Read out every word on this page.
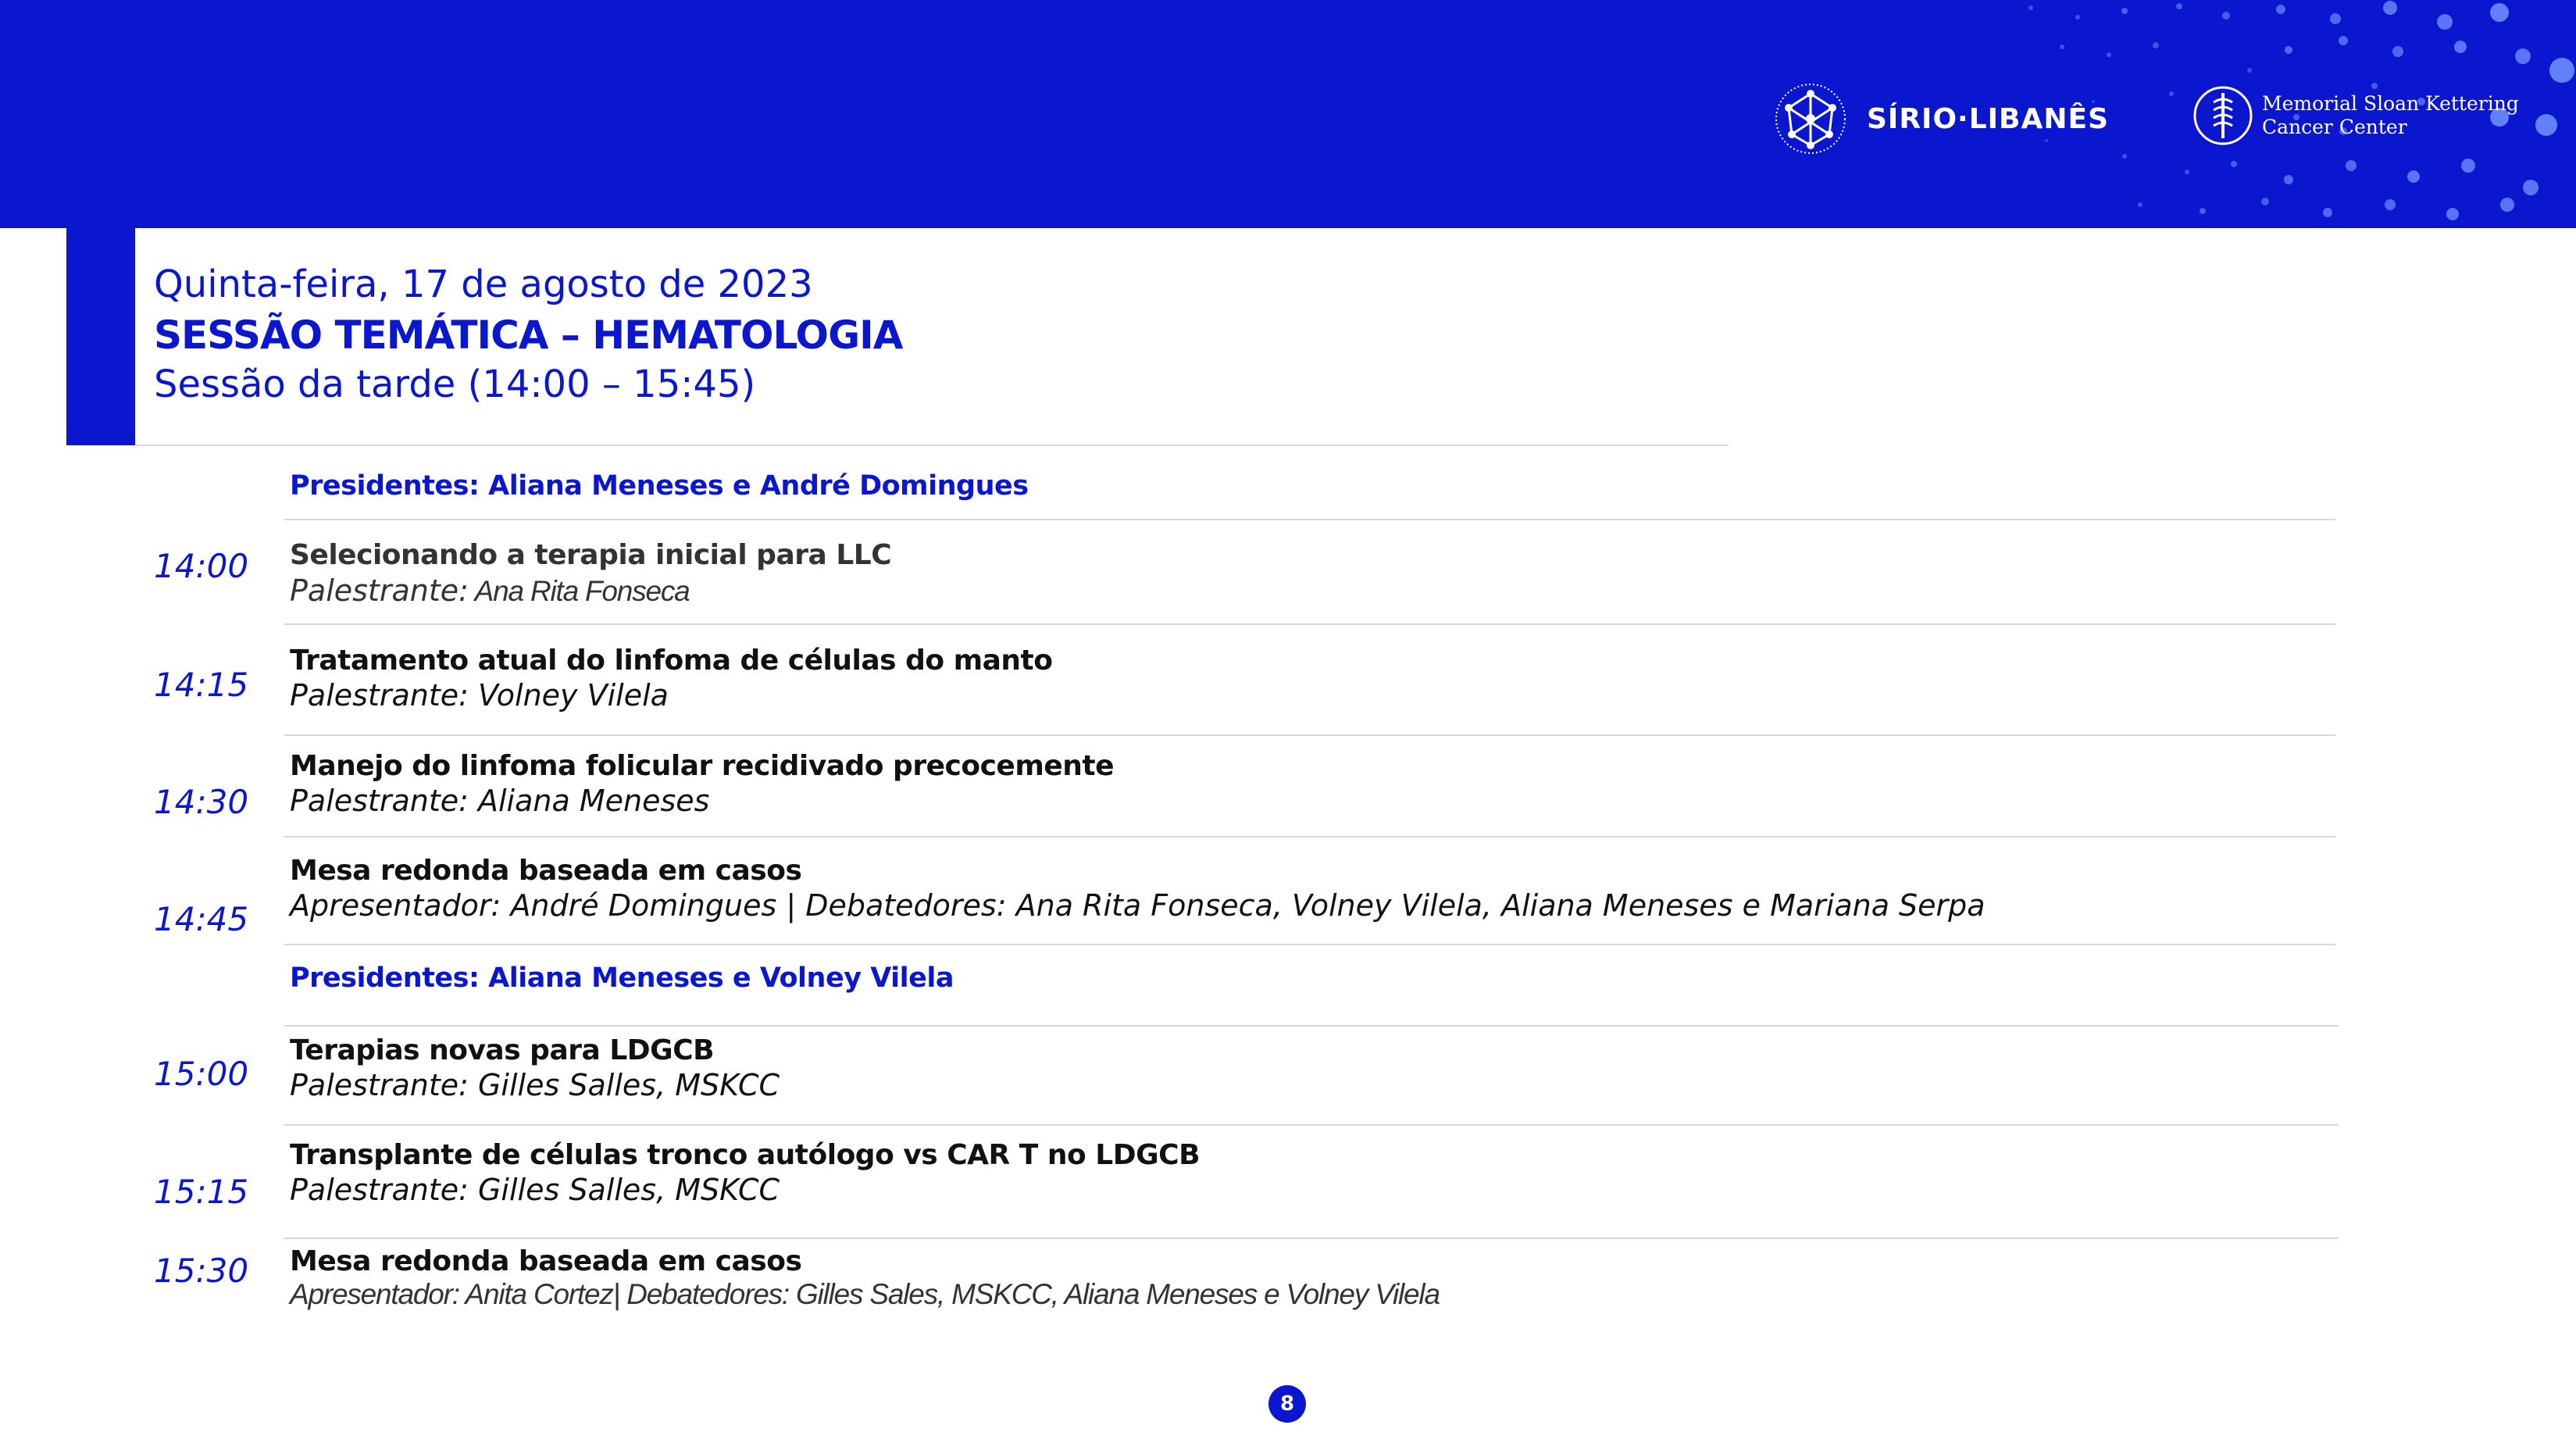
SÍRIO·LIBANÊS	Memorial Sloan Kettering
Cancer Center
Quinta-feira, 17 de agosto de 2023
SESSÃO TEMÁTICA – HEMATOLOGIA
Sessão da tarde (14:00 – 15:45)
Presidentes: Aliana Meneses e André Domingues
14:00 Selecionando a terapia inicial para LLC
Palestrante: Ana Rita Fonseca
14:15
Tratamento atual do linfoma de células do manto
Palestrante: Volney Vilela
14:30
Manejo do linfoma folicular recidivado precocemente
Palestrante: Aliana Meneses
14:45
Mesa redonda baseada em casos
Apresentador: André Domingues | Debatedores: Ana Rita Fonseca, Volney Vilela, Aliana Meneses e Mariana Serpa
Presidentes: Aliana Meneses e Volney Vilela
15:00
Terapias novas para LDGCB
Palestrante: Gilles Salles, MSKCC
15:15
Transplante de células tronco autólogo vs CAR T no LDGCB
Palestrante: Gilles Salles, MSKCC
15:30 Mesa redonda baseada em casos
Apresentador: Anita Cortez| Debatedores: Gilles Sales, MSKCC, Aliana Meneses e Volney Vilela
8
